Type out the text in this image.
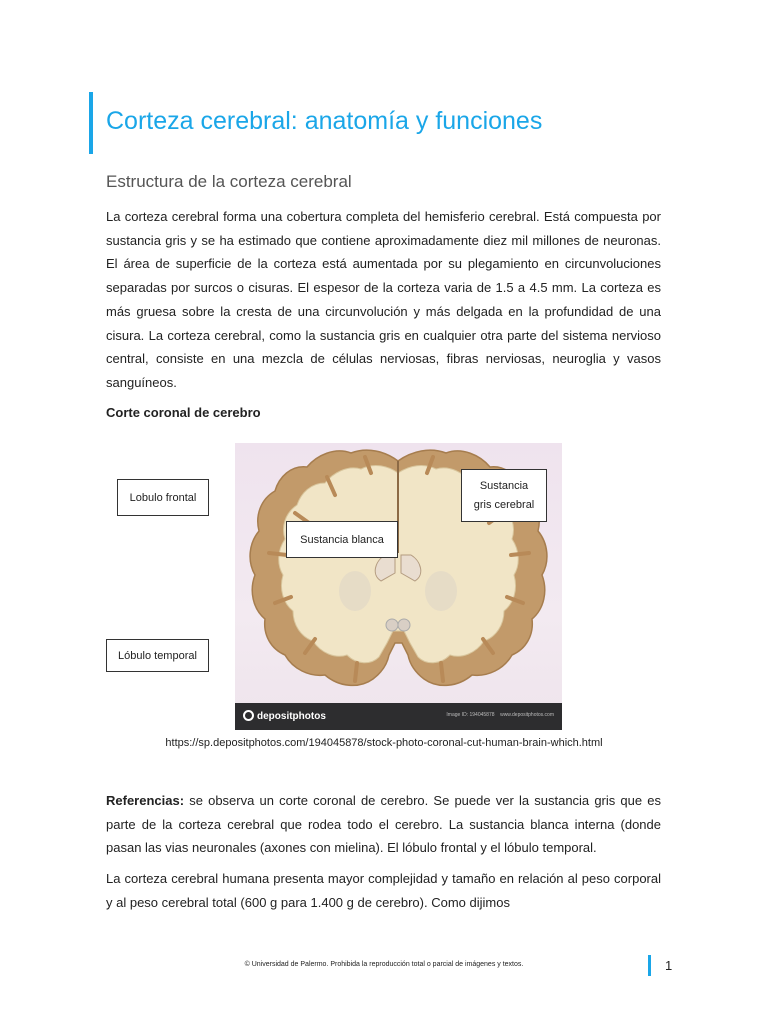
Corteza cerebral: anatomía y funciones
Estructura de la corteza cerebral

La corteza cerebral forma una cobertura completa del hemisferio cerebral. Está compuesta por sustancia gris y se ha estimado que contiene aproximadamente diez mil millones de neuronas. El área de superficie de la corteza está aumentada por su plegamiento en circunvoluciones separadas por surcos o cisuras. El espesor de la corteza varia de 1.5 a 4.5 mm. La corteza es más gruesa sobre la cresta de una circunvolución y más delgada en la profundidad de una cisura. La corteza cerebral, como la sustancia gris en cualquier otra parte del sistema nervioso central, consiste en una mezcla de células nerviosas, fibras nerviosas, neuroglia y vasos sanguíneos.

Corte coronal de cerebro

depositphotos	Image ID: 194045878 www.depositphotos.com
Lobulo frontal
Lóbulo temporal
Sustancia blanca
Sustancia
gris cerebral

https://sp.depositphotos.com/194045878/stock-photo-coronal-cut-human-brain-which.html

Referencias: se observa un corte coronal de cerebro. Se puede ver la sustancia gris que es parte de la corteza cerebral que rodea todo el cerebro. La sustancia blanca interna (donde pasan las vias neuronales (axones con mielina). El lóbulo frontal y el lóbulo temporal.

La corteza cerebral humana presenta mayor complejidad y tamaño en relación al peso corporal y al peso cerebral total (600 g para 1.400 g de cerebro). Como dijimos

© Universidad de Palermo. Prohibida la reproducción total o parcial de imágenes y textos.	1
